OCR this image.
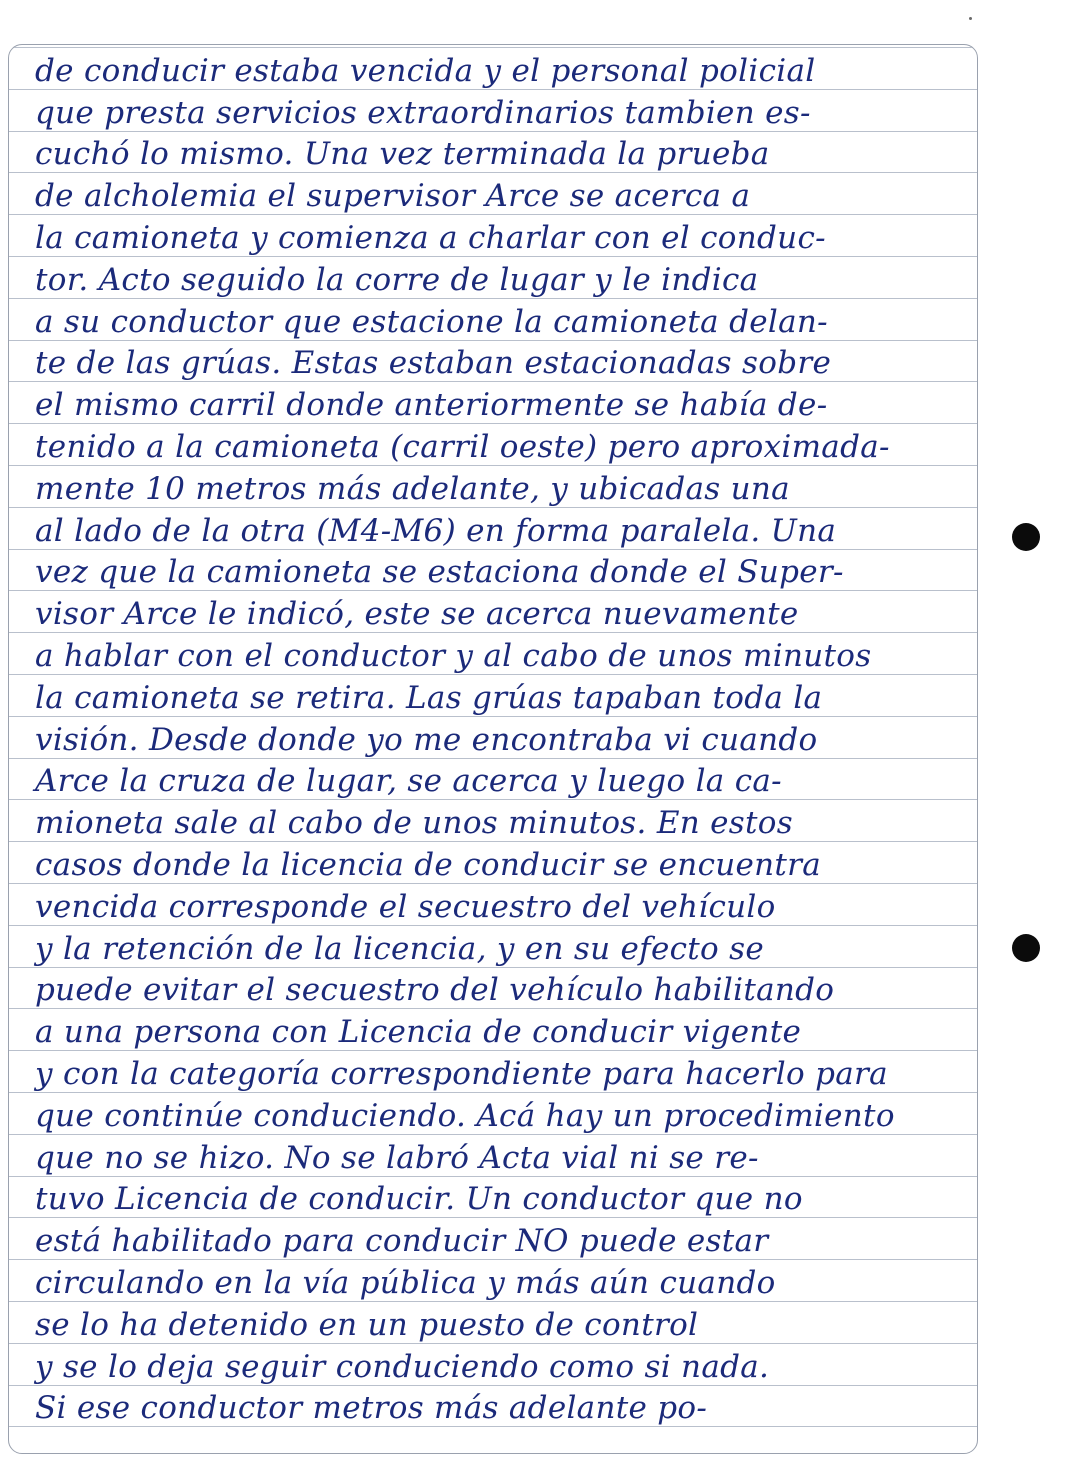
de conducir estaba vencida y el personal policial
que presta servicios extraordinarios tambien es-
cuchó lo mismo. Una vez terminada la prueba
de alcholemia el supervisor Arce se acerca a
la camioneta y comienza a charlar con el conduc-
tor. Acto seguido la corre de lugar y le indica
a su conductor que estacione la camioneta delan-
te de las grúas. Estas estaban estacionadas sobre
el mismo carril donde anteriormente se había de-
tenido a la camioneta (carril oeste) pero aproximada-
mente 10 metros más adelante, y ubicadas una
al lado de la otra (M4-M6) en forma paralela. Una
vez que la camioneta se estaciona donde el Super-
visor Arce le indicó, este se acerca nuevamente
a hablar con el conductor y al cabo de unos minutos
la camioneta se retira. Las grúas tapaban toda la
visión. Desde donde yo me encontraba vi cuando
Arce la cruza de lugar, se acerca y luego la ca-
mioneta sale al cabo de unos minutos. En estos
casos donde la licencia de conducir se encuentra
vencida corresponde el secuestro del vehículo
y la retención de la licencia, y en su efecto se
puede evitar el secuestro del vehículo habilitando
a una persona con Licencia de conducir vigente
y con la categoría correspondiente para hacerlo para
que continúe conduciendo. Acá hay un procedimiento
que no se hizo. No se labró Acta vial ni se re-
tuvo Licencia de conducir. Un conductor que no
está habilitado para conducir NO puede estar
circulando en la vía pública y más aún cuando
se lo ha detenido en un puesto de control
y se lo deja seguir conduciendo como si nada.
Si ese conductor metros más adelante po-
